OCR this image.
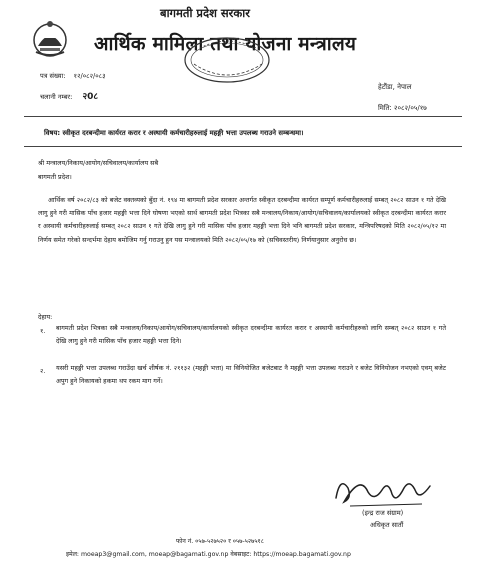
बागमती प्रदेश सरकार
आर्थिक मामिला तथा योजना मन्त्रालय
पत्र संख्या: १२/०८२/०८३
चलानी नम्बर: २0८
हेटौंडा, नेपाल
मिति: २०८२/०५/१७
विषय: स्वीकृत दरबन्दीमा कार्यरत करार र अस्थायी कर्मचारीहरुलाई महङ्गी भत्ता उपलब्ध गराउने सम्बन्धमा।
श्री मन्त्रालय/निकाय/आयोग/सचिवालय/कार्यालय सबै
बागमती प्रदेश।
आर्थिक वर्ष २०८२/८३ को बजेट वक्तव्यको बुँदा नं. १९४ मा बागमती प्रदेश सरकार अन्तर्गत स्वीकृत दरबन्दीमा कार्यरत सम्पूर्ण कर्मचारीहरुलाई सम्बत् २०८२ साउन १ गते देखि लागु हुने गरी मासिक पाँच हजार महङ्गी भत्ता दिने घोषणा भएको सार्थ बागमती प्रदेश भित्रका सबै मन्त्रालय/निकाय/आयोग/सचिवालय/कार्यालयको स्वीकृत दरबन्दीमा कार्यरत करार र अस्थायी कर्मचारीहरुलाई सम्बत् २०८२ साउन १ गते देखि लागु हुने गरी मासिक पाँच हजार महङ्गी भत्ता दिने भनि बागमती प्रदेश सरकार, मन्त्रिपरिषदको मिति २०८२/०५/१२ मा निर्णय समेत गरेको सन्दर्भमा देहाय बमोजिम गर्नु गराउनु हुन यस मन्त्रालयको मिति २०८२/०५/१७ को (सचिवस्तरीय) निर्णयानुसार अनुरोध छ।
देहाय:
१. बागमती प्रदेश भित्रका सबै मन्त्रालय/निकाय/आयोग/सचिवालय/कार्यालयको स्वीकृत दरबन्दीमा कार्यरत करार र अस्थायी कर्मचारीहरुको लागि सम्बत् २०८२ साउन १ गते देखि लागु हुने गरी मासिक पाँच हजार महङ्गी भत्ता दिने।
२. यसरी महङ्गी भत्ता उपलब्ध गराउँदा खर्च शीर्षक नं. २११३२ (महङ्गी भत्ता) मा विनियोजित बजेटबाट नै महङ्गी भत्ता उपलब्ध गराउने र बजेट विनियोजन नभएको एवम् बजेट अपुग हुने निकायको हकमा थप रकम माग गर्ने।
(इन्द्र राज संग्राम)
अधिकृत सातौं
फोन नं. ०५७-५२७५२० र ०५७-५२७५१८
इमेल: moeap3@gmail.com, moeap@bagamati.gov.np वेबसाइट: https://moeap.bagamati.gov.np
